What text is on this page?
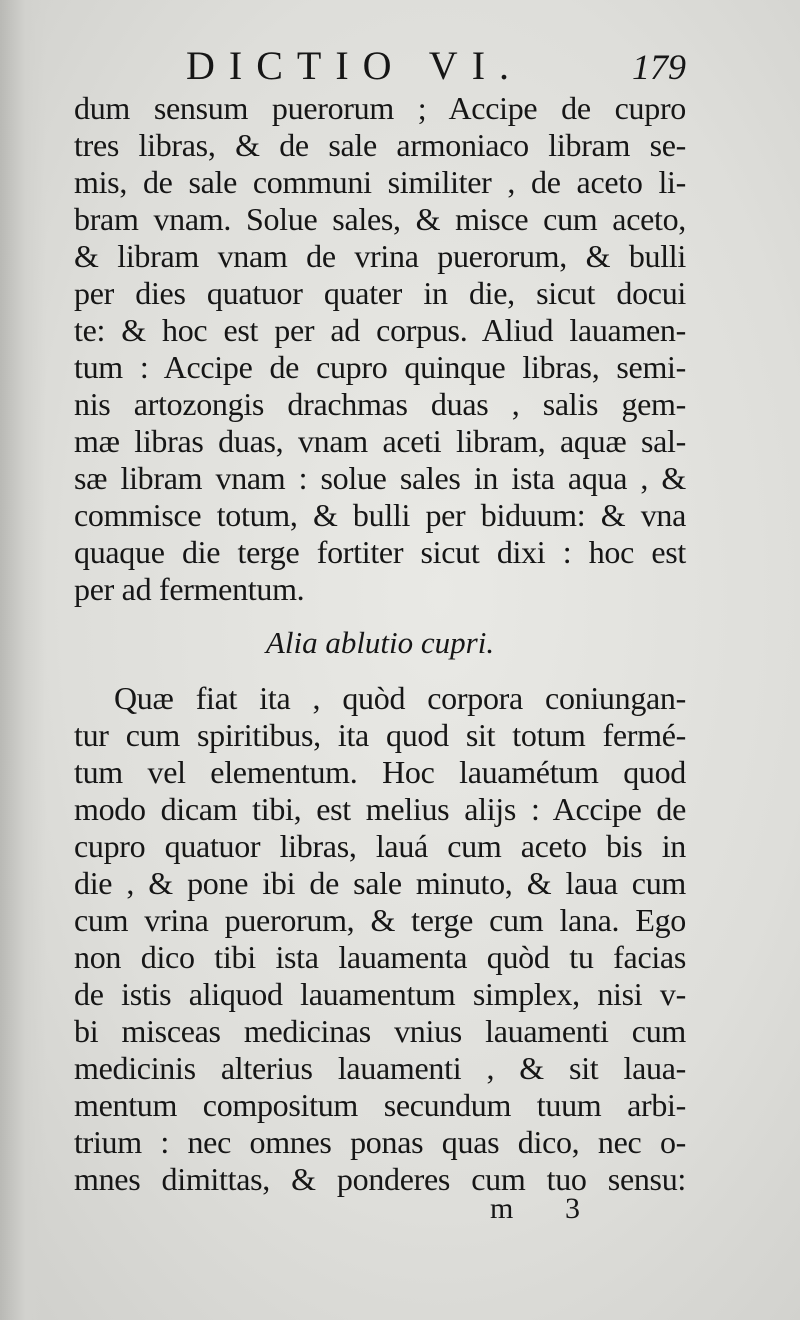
DICTIO VI.	179
dum sensum puerorum ; Accipe de cupro
tres libras, & de sale armoniaco libram se-
mis, de sale communi similiter , de aceto li-
bram vnam. Solue sales, & misce cum aceto,
& libram vnam de vrina puerorum, & bulli
per dies quatuor quater in die, sicut docui
te: & hoc est per ad corpus. Aliud lauamen-
tum : Accipe de cupro quinque libras, semi-
nis artozongis drachmas duas , salis gem-
mæ libras duas, vnam aceti libram, aquæ sal-
sæ libram vnam : solue sales in ista aqua , &
commisce totum, & bulli per biduum: & vna
quaque die terge fortiter sicut dixi : hoc est
per ad fermentum.
Alia ablutio cupri.
Quæ fiat ita , quòd corpora coniungan-
tur cum spiritibus, ita quod sit totum fermé-
tum vel elementum. Hoc lauamétum quod
modo dicam tibi, est melius alijs : Accipe de
cupro quatuor libras, lauá cum aceto bis in
die , & pone ibi de sale minuto, & laua cum
cum vrina puerorum, & terge cum lana. Ego
non dico tibi ista lauamenta quòd tu facias
de istis aliquod lauamentum simplex, nisi v-
bi misceas medicinas vnius lauamenti cum
medicinis alterius lauamenti , & sit laua-
mentum compositum secundum tuum arbi-
trium : nec omnes ponas quas dico, nec o-
mnes dimittas, & ponderes cum tuo sensu:
m 3
